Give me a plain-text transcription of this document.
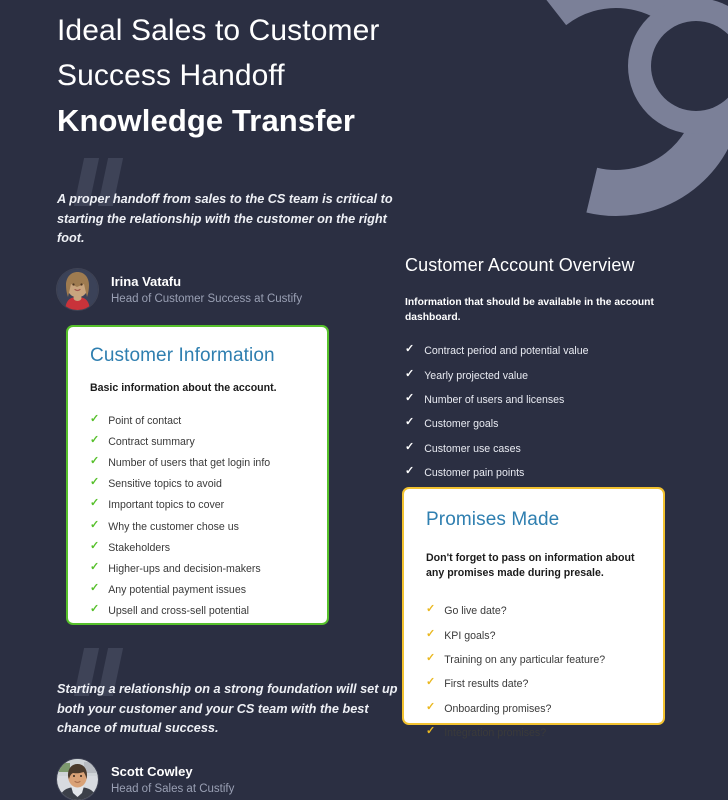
Ideal Sales to Customer
Success Handoff
Knowledge Transfer
A proper handoff from sales to the CS team is critical to starting the relationship with the customer on the right foot.
Irina Vatafu
Head of Customer Success at Custify
Customer Information
Basic information about the account.
✓ Point of contact
✓ Contract summary
✓ Number of users that get login info
✓ Sensitive topics to avoid
✓ Important topics to cover
✓ Why the customer chose us
✓ Stakeholders
✓ Higher-ups and decision-makers
✓ Any potential payment issues
✓ Upsell and cross-sell potential
Customer Account Overview
Information that should be available in the account dashboard.
✓ Contract period and potential value
✓ Yearly projected value
✓ Number of users and licenses
✓ Customer goals
✓ Customer use cases
✓ Customer pain points
Promises Made
Don't forget to pass on information about any promises made during presale.
✓ Go live date?
✓ KPI goals?
✓ Training on any particular feature?
✓ First results date?
✓ Onboarding promises?
✓ Integration promises?
Starting a relationship on a strong foundation will set up both your customer and your CS team with the best chance of mutual success.
Scott Cowley
Head of Sales at Custify
